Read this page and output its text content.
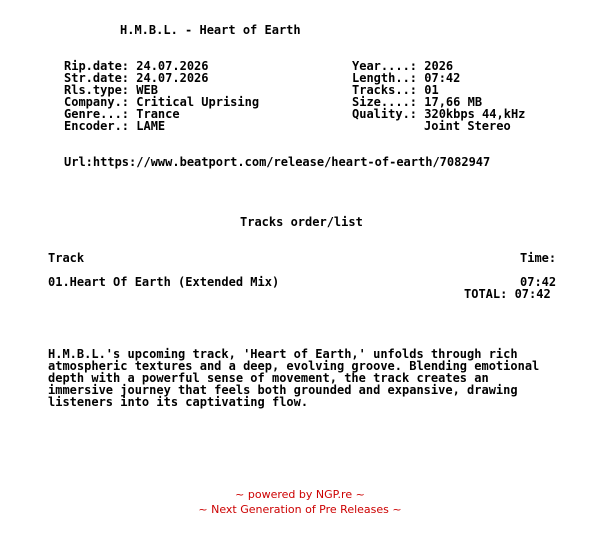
H.M.B.L. - Heart of Earth
Rip.date: 24.07.2026
Str.date: 24.07.2026
Rls.type: WEB
Company.: Critical Uprising
Genre...: Trance
Encoder.: LAME
Year....: 2026
Length..: 07:42
Tracks..: 01
Size....: 17,66 MB
Quality.: 320kbps 44,kHz
Joint Stereo
Url:https://www.beatport.com/release/heart-of-earth/7082947
Tracks order/list
Track	Time:
01.Heart Of Earth (Extended Mix)	07:42
TOTAL: 07:42
H.M.B.L.'s upcoming track, 'Heart of Earth,' unfolds through rich
atmospheric textures and a deep, evolving groove. Blending emotional
depth with a powerful sense of movement, the track creates an
immersive journey that feels both grounded and expansive, drawing
listeners into its captivating flow.
~ powered by NGP.re ~
~ Next Generation of Pre Releases ~
